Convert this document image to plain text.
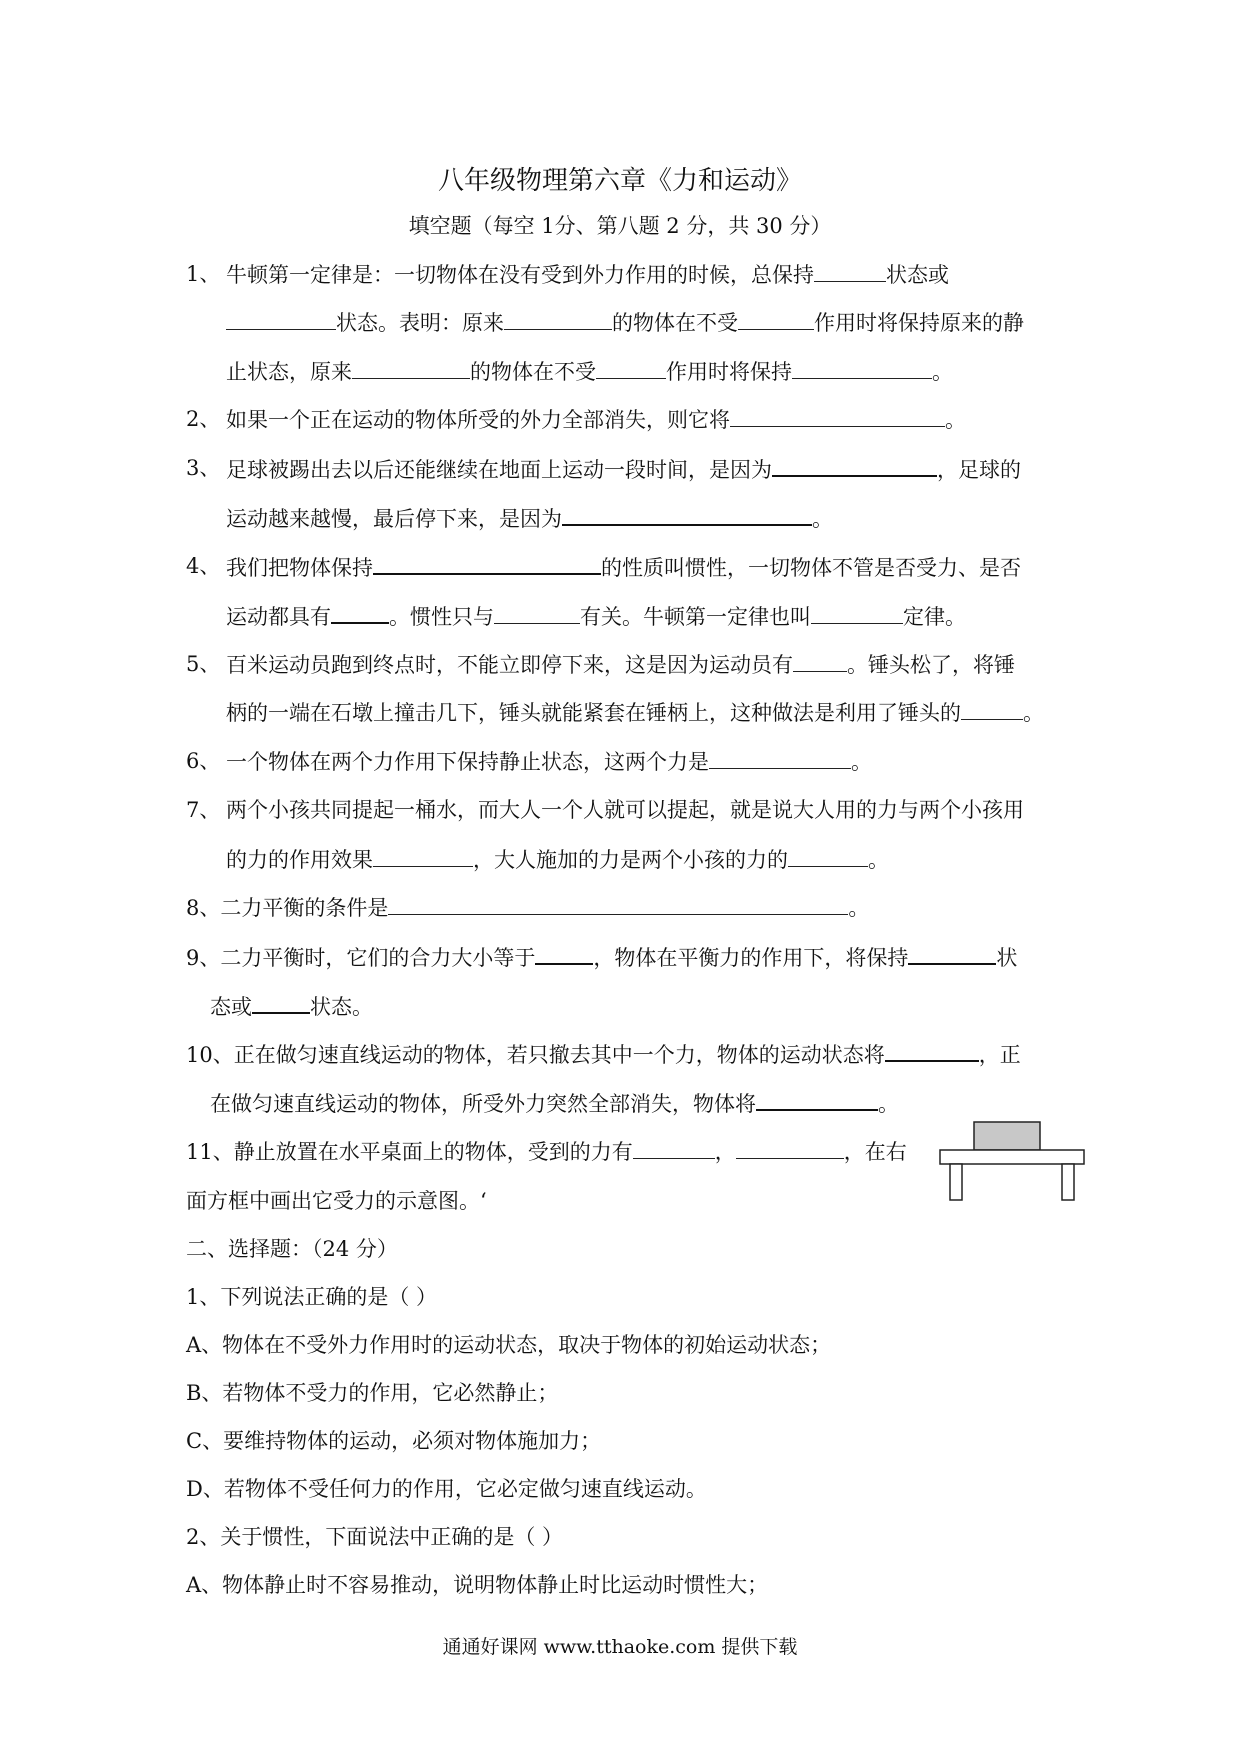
八年级物理第六章《力和运动》
填空题（每空 1分、第八题 2 分，共 30 分）
1、 牛顿第一定律是：一切物体在没有受到外力作用的时候，总保持	状态或
状态。表明：原来	的物体在不受	作用时将保持原来的静
止状态，原来	的物体在不受	作用时将保持	。
2、 如果一个正在运动的物体所受的外力全部消失，则它将	。
3、 足球被踢出去以后还能继续在地面上运动一段时间，是因为	，足球的
运动越来越慢，最后停下来，是因为	。
4、 我们把物体保持	的性质叫惯性，一切物体不管是否受力、是否
运动都具有	。惯性只与	有关。牛顿第一定律也叫	定律。
5、 百米运动员跑到终点时，不能立即停下来，这是因为运动员有	。锤头松了，将锤
柄的一端在石墩上撞击几下，锤头就能紧套在锤柄上，这种做法是利用了锤头的	。
6、 一个物体在两个力作用下保持静止状态，这两个力是	。
7、 两个小孩共同提起一桶水，而大人一个人就可以提起，就是说大人用的力与两个小孩用
的力的作用效果	，大人施加的力是两个小孩的力的	。
8、二力平衡的条件是	。
9、二力平衡时，它们的合力大小等于	，物体在平衡力的作用下，将保持	状
态或	状态。
10、正在做匀速直线运动的物体，若只撤去其中一个力，物体的运动状态将	，正
在做匀速直线运动的物体，所受外力突然全部消失，物体将	。
11、静止放置在水平桌面上的物体，受到的力有	，	，在右
面方框中画出它受力的示意图。‘
二、选择题：（24 分）
1、下列说法正确的是（ ）
A、物体在不受外力作用时的运动状态，取决于物体的初始运动状态；
B、若物体不受力的作用，它必然静止；
C、要维持物体的运动，必须对物体施加力；
D、若物体不受任何力的作用，它必定做匀速直线运动。
2、关于惯性，下面说法中正确的是（ ）
A、物体静止时不容易推动，说明物体静止时比运动时惯性大；
通通好课网 www.tthaoke.com 提供下载
